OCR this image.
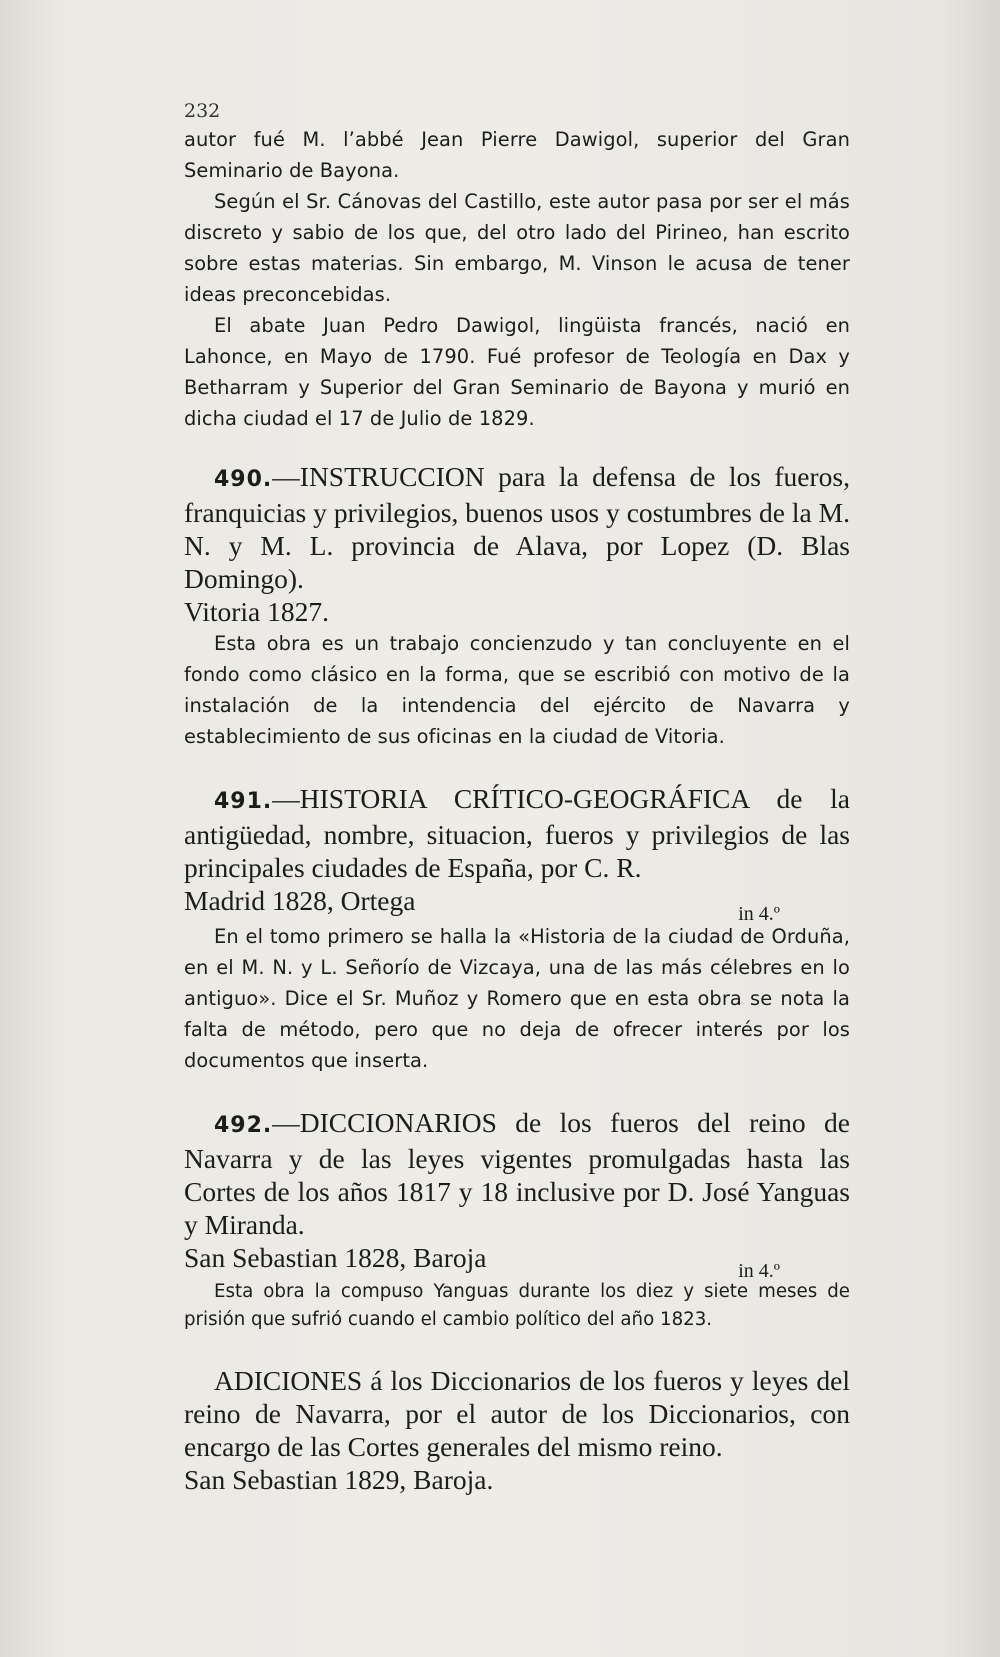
232

autor fué M. l’abbé Jean Pierre Dawigol, superior del Gran Seminario de Bayona.

Según el Sr. Cánovas del Castillo, este autor pasa por ser el más discreto y sabio de los que, del otro lado del Pirineo, han escrito sobre estas materias. Sin embargo, M. Vinson le acusa de tener ideas preconcebidas.

El abate Juan Pedro Dawigol, lingüista francés, nació en Lahonce, en Mayo de 1790. Fué profesor de Teología en Dax y Betharram y Superior del Gran Seminario de Bayona y murió en dicha ciudad el 17 de Julio de 1829.

490.—INSTRUCCION para la defensa de los fueros, franquicias y privilegios, buenos usos y costumbres de la M. N. y M. L. provincia de Alava, por Lopez (D. Blas Domingo).

Vitoria 1827.

Esta obra es un trabajo concienzudo y tan concluyente en el fondo como clásico en la forma, que se escribió con motivo de la instalación de la intendencia del ejército de Navarra y establecimiento de sus oficinas en la ciudad de Vitoria.

491.—HISTORIA CRÍTICO-GEOGRÁFICA de la antigüedad, nombre, situacion, fueros y privilegios de las principales ciudades de España, por C. R.

Madrid 1828, Ortega	in 4.º

En el tomo primero se halla la «Historia de la ciudad de Orduña, en el M. N. y L. Señorío de Vizcaya, una de las más célebres en lo antiguo». Dice el Sr. Muñoz y Romero que en esta obra se nota la falta de método, pero que no deja de ofrecer interés por los documentos que inserta.

492.—DICCIONARIOS de los fueros del reino de Navarra y de las leyes vigentes promulgadas hasta las Cortes de los años 1817 y 18 inclusive por D. José Yanguas y Miranda.

San Sebastian 1828, Baroja	in 4.º

Esta obra la compuso Yanguas durante los diez y siete meses de prisión que sufrió cuando el cambio político del año 1823.

ADICIONES á los Diccionarios de los fueros y leyes del reino de Navarra, por el autor de los Diccionarios, con encargo de las Cortes generales del mismo reino.

San Sebastian 1829, Baroja.
